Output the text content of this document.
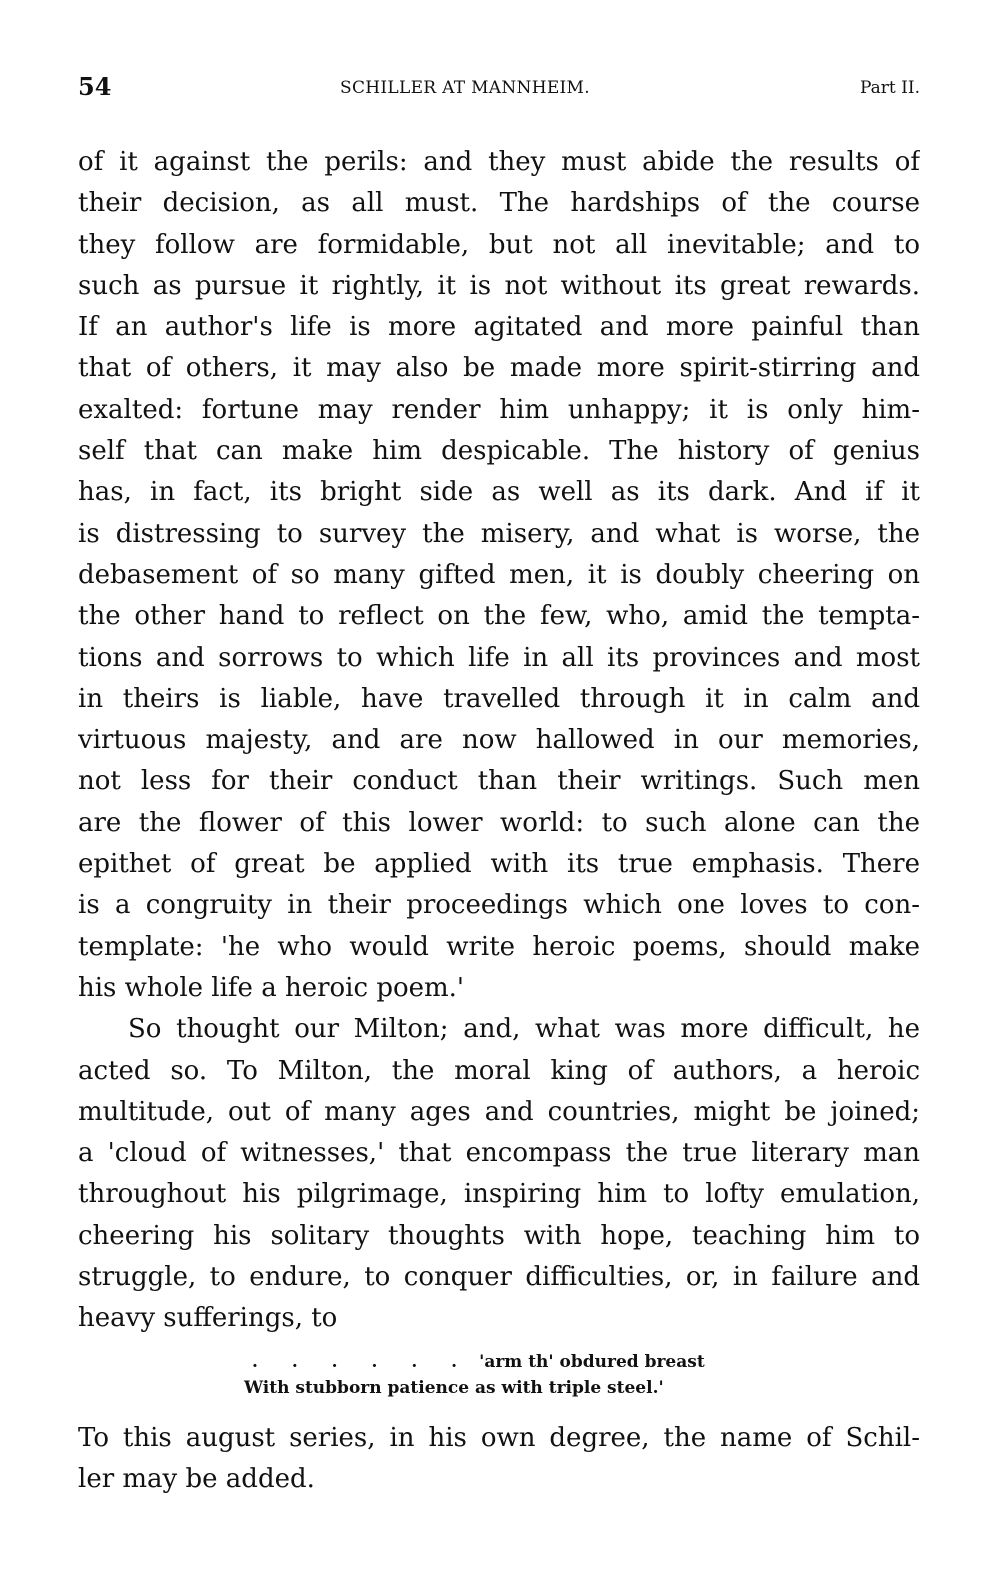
54	SCHILLER AT MANNHEIM.	Part II.
of it against the perils: and they must abide the results of
their decision, as all must. The hardships of the course
they follow are formidable, but not all inevitable; and to
such as pursue it rightly, it is not without its great rewards.
If an author's life is more agitated and more painful than
that of others, it may also be made more spirit-stirring and
exalted: fortune may render him unhappy; it is only him-
self that can make him despicable. The history of genius
has, in fact, its bright side as well as its dark. And if it
is distressing to survey the misery, and what is worse, the
debasement of so many gifted men, it is doubly cheering on
the other hand to reflect on the few, who, amid the tempta-
tions and sorrows to which life in all its provinces and most
in theirs is liable, have travelled through it in calm and
virtuous majesty, and are now hallowed in our memories,
not less for their conduct than their writings. Such men
are the flower of this lower world: to such alone can the
epithet of great be applied with its true emphasis. There
is a congruity in their proceedings which one loves to con-
template: 'he who would write heroic poems, should make
his whole life a heroic poem.'
So thought our Milton; and, what was more difficult, he
acted so. To Milton, the moral king of authors, a heroic
multitude, out of many ages and countries, might be joined;
a 'cloud of witnesses,' that encompass the true literary man
throughout his pilgrimage, inspiring him to lofty emulation,
cheering his solitary thoughts with hope, teaching him to
struggle, to endure, to conquer difficulties, or, in failure and
heavy sufferings, to
. . . . . . 'arm th' obdured breast
With stubborn patience as with triple steel.'
To this august series, in his own degree, the name of Schil-
ler may be added.
